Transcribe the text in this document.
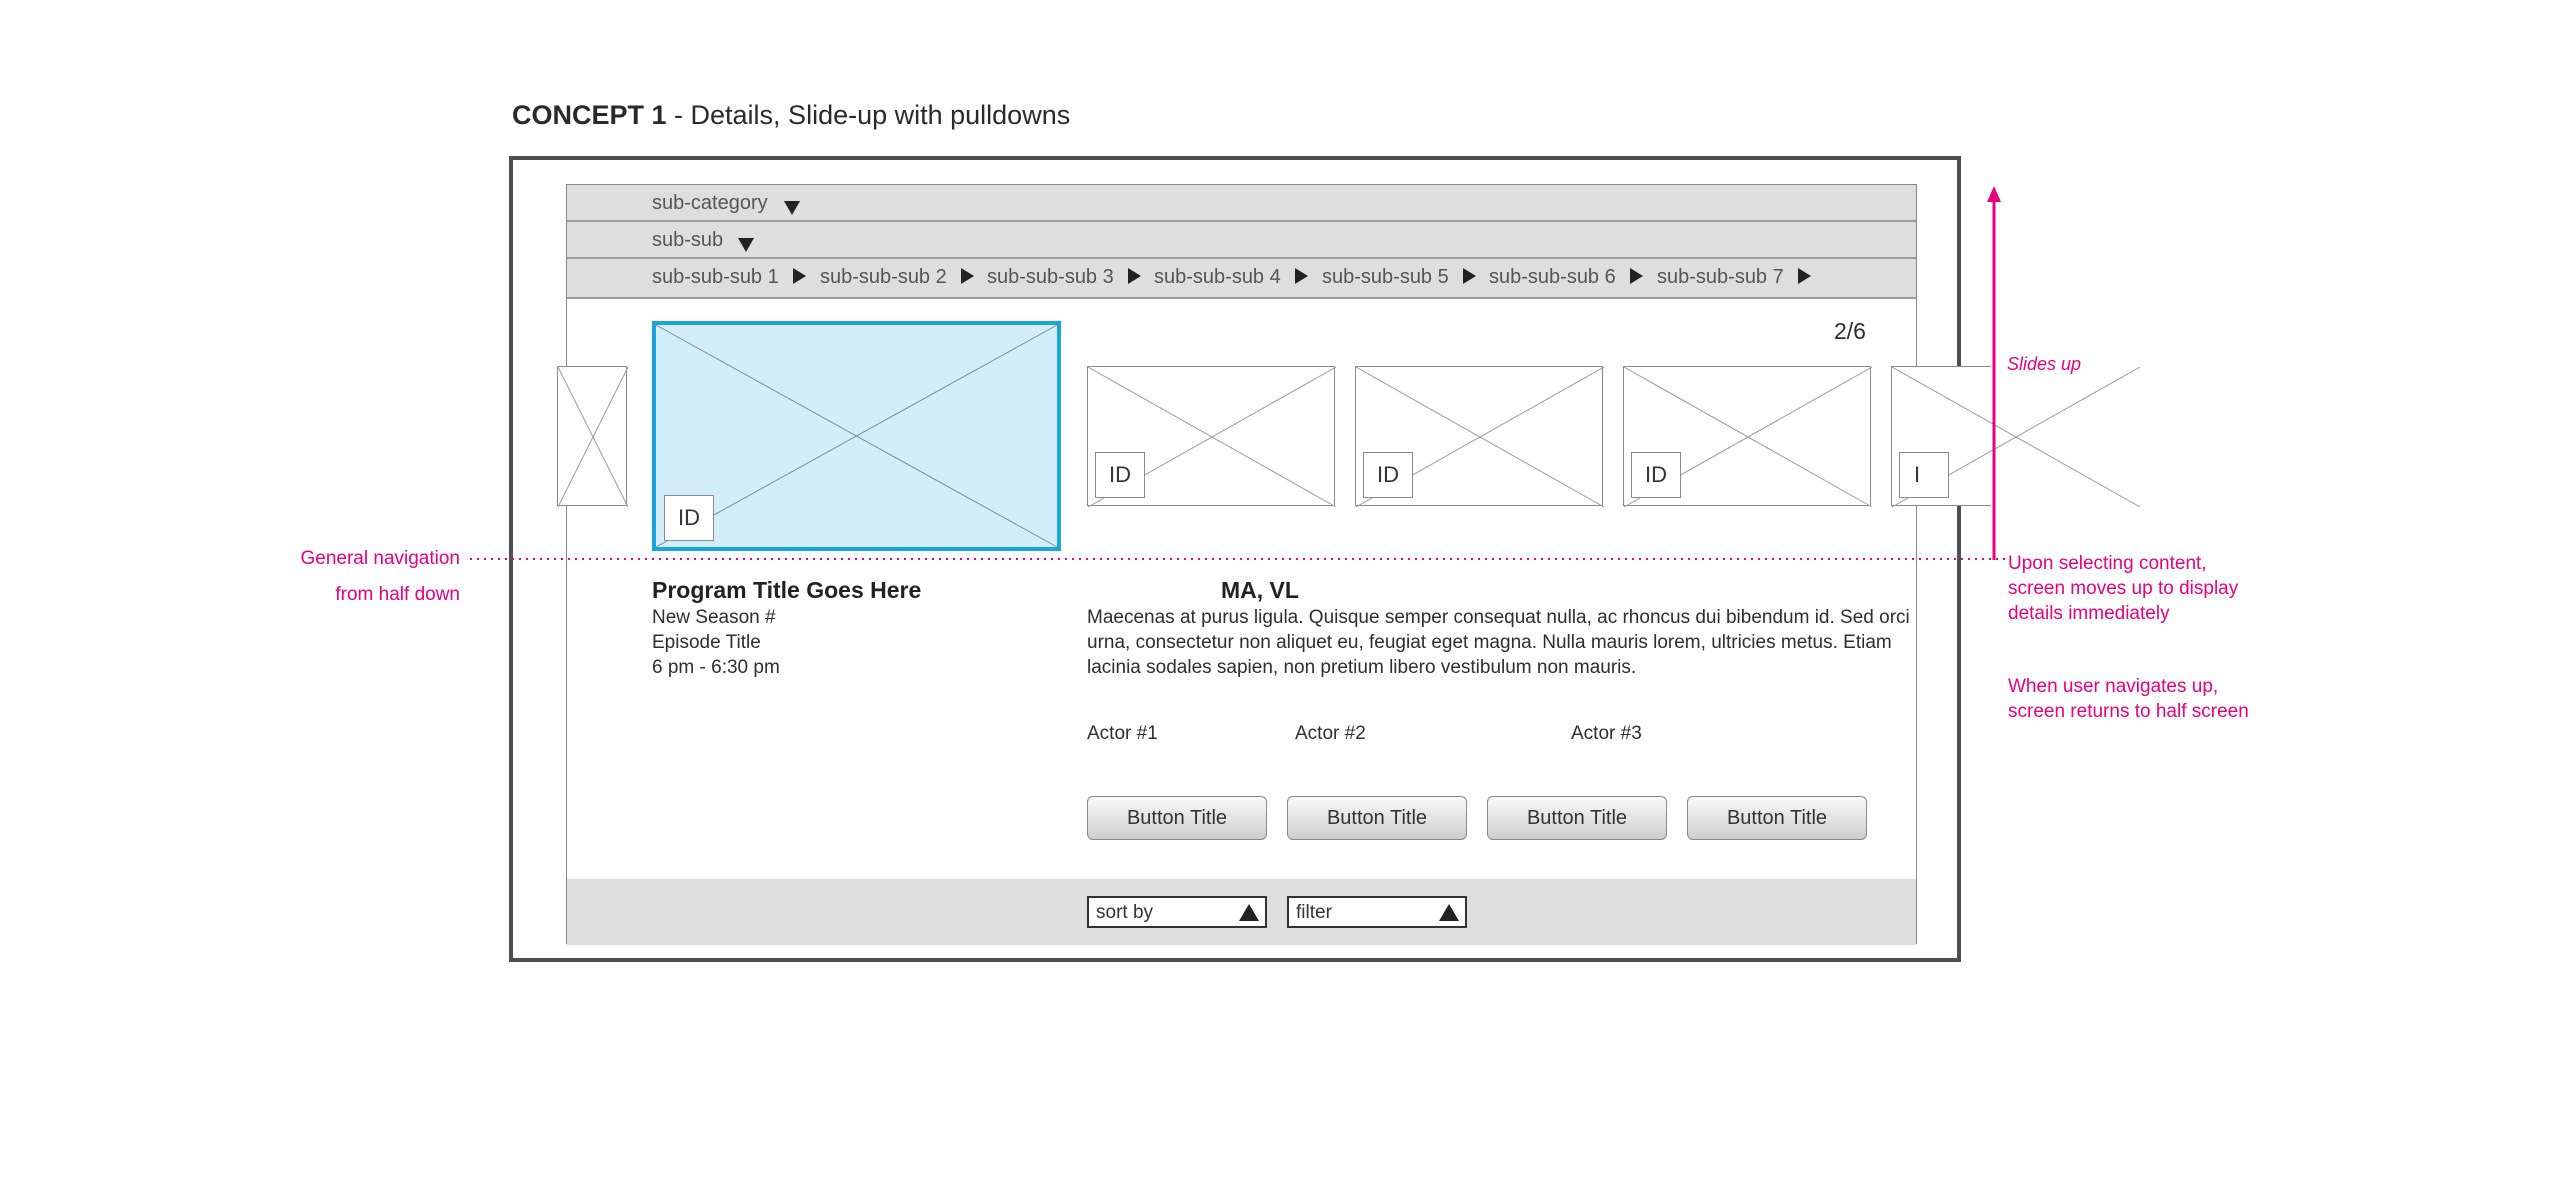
CONCEPT 1 - Details, Slide-up with pulldowns
sub-category
sub-sub
sub-sub-sub 1	sub-sub-sub 2	sub-sub-sub 3	sub-sub-sub 4	sub-sub-sub 5	sub-sub-sub 6	sub-sub-sub 7
2/6
ID
ID	ID	ID	I
Program Title Goes Here
New Season #
Episode Title
6 pm - 6:30 pm
MA, VL
Maecenas at purus ligula. Quisque semper consequat nulla, ac rhoncus dui bibendum id. Sed orci urna, consectetur non aliquet eu, feugiat eget magna. Nulla mauris lorem, ultricies metus. Etiam lacinia sodales sapien, non pretium libero vestibulum non mauris.
Actor #1	Actor #2	Actor #3
Button Title	Button Title	Button Title	Button Title
sort by	filter
General navigation
from half down
Slides up
Upon selecting content,
screen moves up to display
details immediately
When user navigates up,
screen returns to half screen
